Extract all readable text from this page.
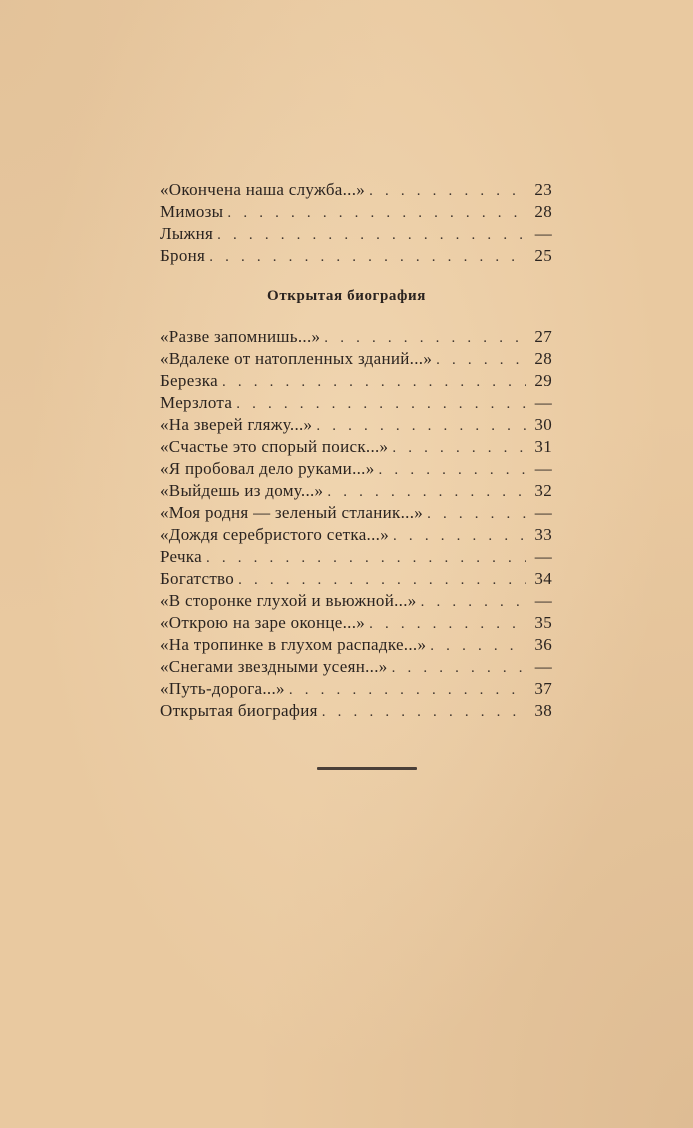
«Окончена наша служба...» . . .	23
Мимозы . . .	28
Лыжня . . .	—
Броня . . .	25
Открытая биография
«Разве запомнишь...» . . .	27
«Вдалеке от натопленных зданий...» . . .	28
Березка . . .	29
Мерзлота . . .	—
«На зверей гляжу...» . . .	30
«Счастье это спорый поиск...» . . .	31
«Я пробовал дело руками...» . . .	—
«Выйдешь из дому...» . . .	32
«Моя родня — зеленый стланик...» . . .	—
«Дождя серебристого сетка...» . . .	33
Речка . . .	—
Богатство . . .	34
«В сторонке глухой и вьюжной...» . . .	—
«Открою на заре оконце...» . . .	35
«На тропинке в глухом распадке...» . . .	36
«Снегами звездными усеян...» . . .	—
«Путь-дорога...» . . .	37
Открытая биография . . .	38
